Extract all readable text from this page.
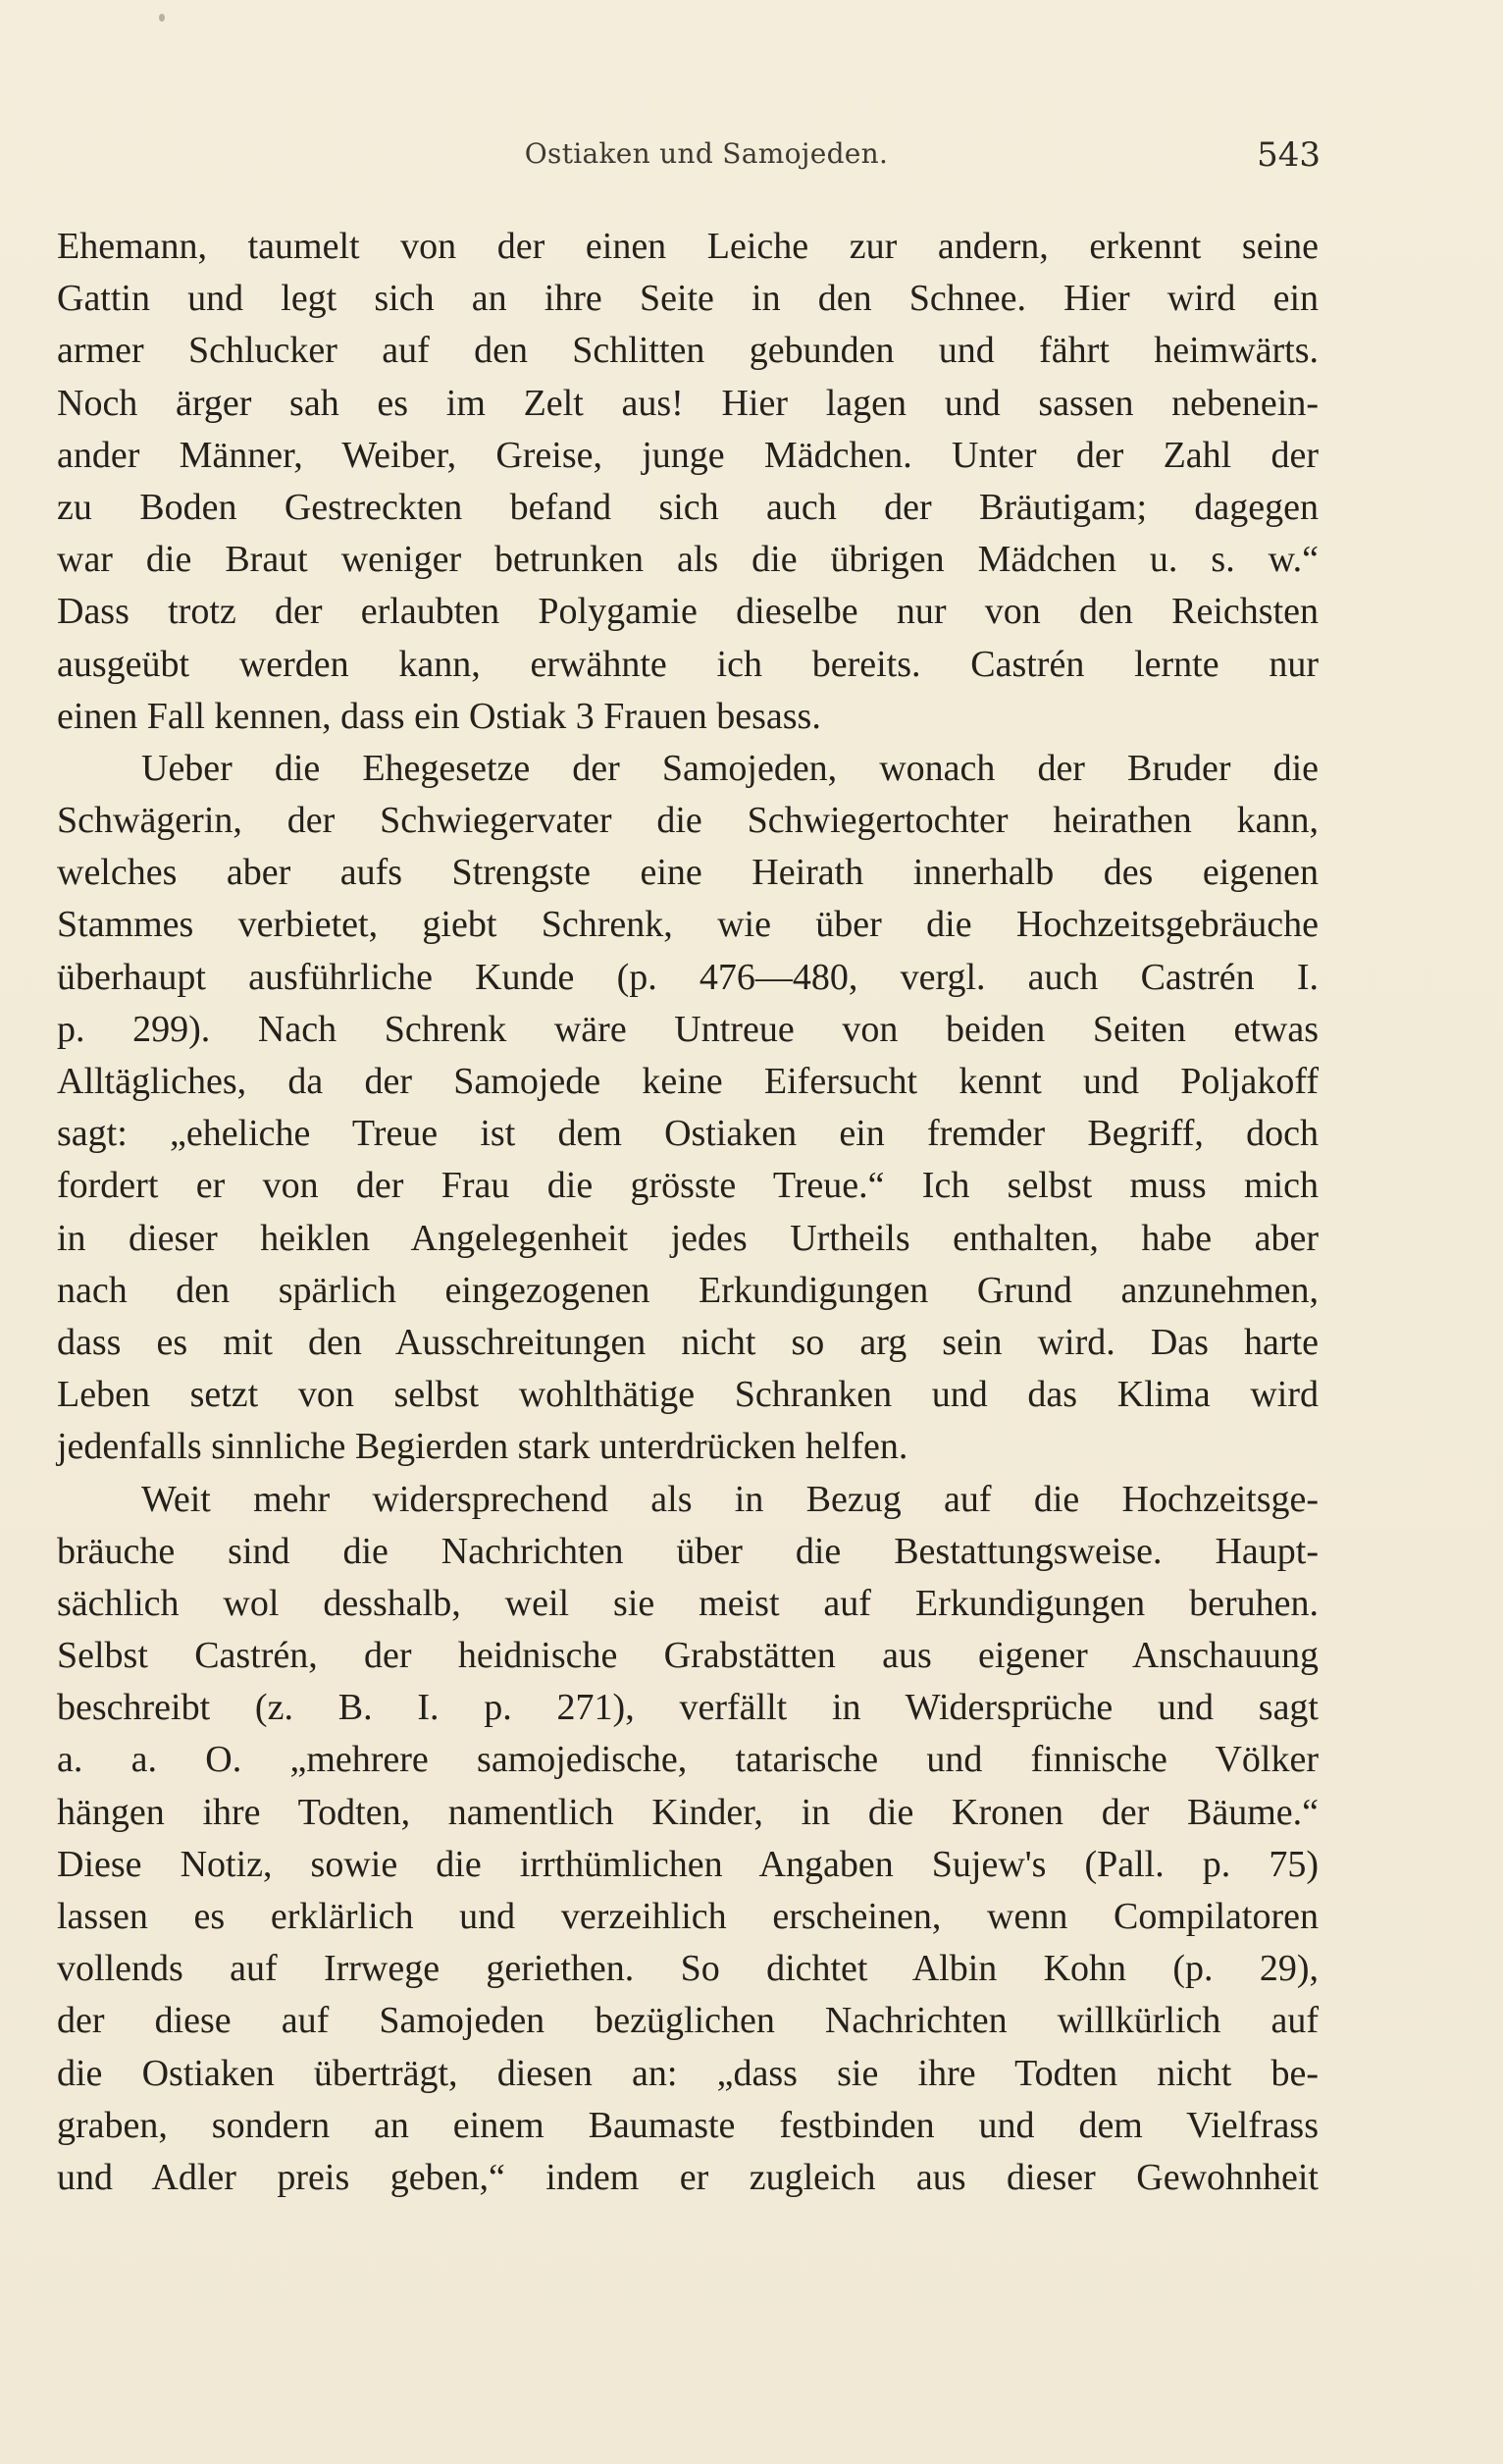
Ostiaken und Samojeden.	543
Ehemann, taumelt von der einen Leiche zur andern, erkennt seine
Gattin und legt sich an ihre Seite in den Schnee. Hier wird ein
armer Schlucker auf den Schlitten gebunden und fährt heimwärts.
Noch ärger sah es im Zelt aus! Hier lagen und sassen nebenein-
ander Männer, Weiber, Greise, junge Mädchen. Unter der Zahl der
zu Boden Gestreckten befand sich auch der Bräutigam; dagegen
war die Braut weniger betrunken als die übrigen Mädchen u. s. w.“
Dass trotz der erlaubten Polygamie dieselbe nur von den Reichsten
ausgeübt werden kann, erwähnte ich bereits. Castrén lernte nur
einen Fall kennen, dass ein Ostiak 3 Frauen besass.
Ueber die Ehegesetze der Samojeden, wonach der Bruder die
Schwägerin, der Schwiegervater die Schwiegertochter heirathen kann,
welches aber aufs Strengste eine Heirath innerhalb des eigenen
Stammes verbietet, giebt Schrenk, wie über die Hochzeitsgebräuche
überhaupt ausführliche Kunde (p. 476—480, vergl. auch Castrén I.
p. 299). Nach Schrenk wäre Untreue von beiden Seiten etwas
Alltägliches, da der Samojede keine Eifersucht kennt und Poljakoff
sagt: „eheliche Treue ist dem Ostiaken ein fremder Begriff, doch
fordert er von der Frau die grösste Treue.“ Ich selbst muss mich
in dieser heiklen Angelegenheit jedes Urtheils enthalten, habe aber
nach den spärlich eingezogenen Erkundigungen Grund anzunehmen,
dass es mit den Ausschreitungen nicht so arg sein wird. Das harte
Leben setzt von selbst wohlthätige Schranken und das Klima wird
jedenfalls sinnliche Begierden stark unterdrücken helfen.
Weit mehr widersprechend als in Bezug auf die Hochzeitsge-
bräuche sind die Nachrichten über die Bestattungsweise. Haupt-
sächlich wol desshalb, weil sie meist auf Erkundigungen beruhen.
Selbst Castrén, der heidnische Grabstätten aus eigener Anschauung
beschreibt (z. B. I. p. 271), verfällt in Widersprüche und sagt
a. a. O. „mehrere samojedische, tatarische und finnische Völker
hängen ihre Todten, namentlich Kinder, in die Kronen der Bäume.“
Diese Notiz, sowie die irrthümlichen Angaben Sujew's (Pall. p. 75)
lassen es erklärlich und verzeihlich erscheinen, wenn Compilatoren
vollends auf Irrwege geriethen. So dichtet Albin Kohn (p. 29),
der diese auf Samojeden bezüglichen Nachrichten willkürlich auf
die Ostiaken überträgt, diesen an: „dass sie ihre Todten nicht be-
graben, sondern an einem Baumaste festbinden und dem Vielfrass
und Adler preis geben,“ indem er zugleich aus dieser Gewohnheit
